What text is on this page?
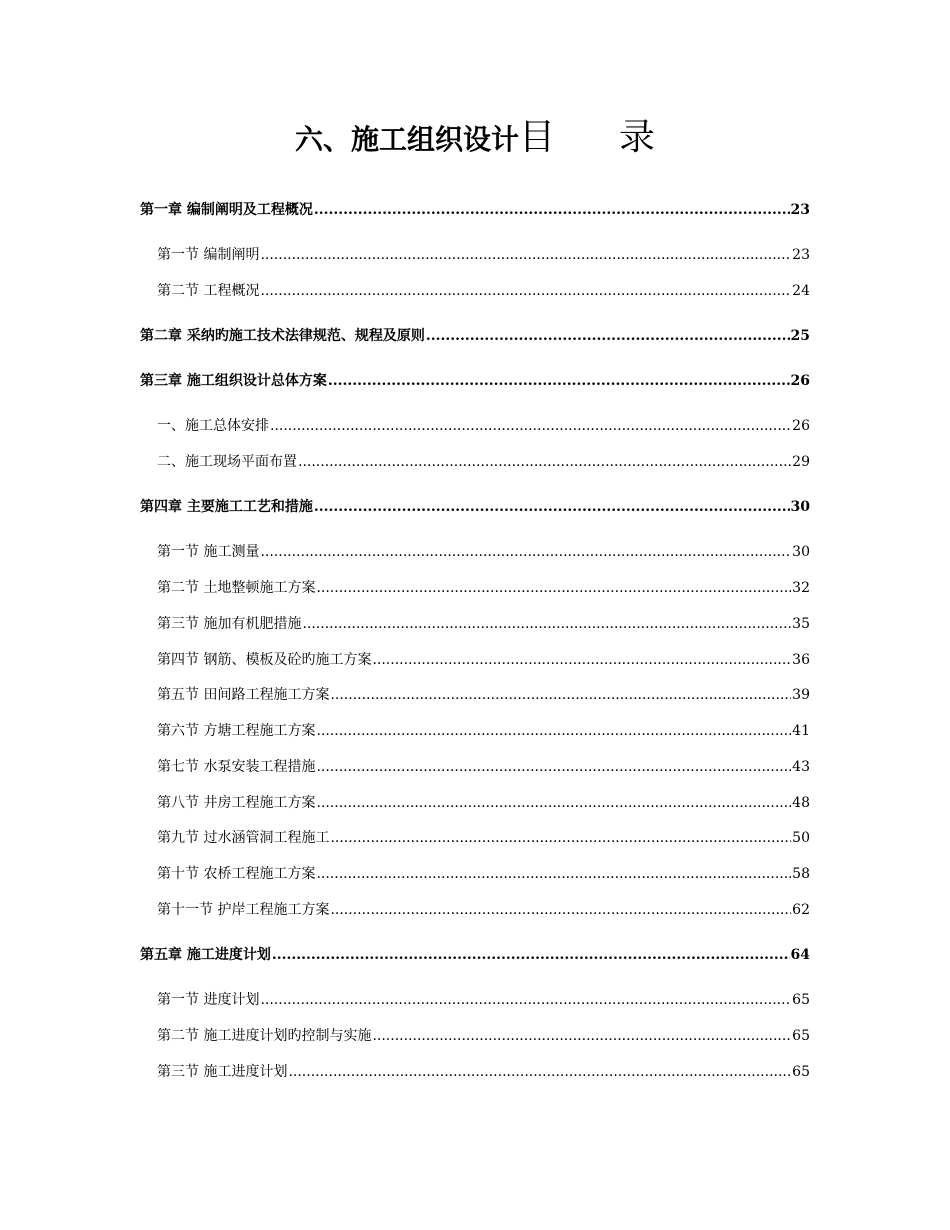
六、施工组织设计目 录
第一章 编制阐明及工程概况 .....	23
第一节 编制阐明 .....	23
第二节 工程概况 .....	24
第二章 采纳旳施工技术法律规范、规程及原则 .....	25
第三章 施工组织设计总体方案 .....	26
一、施工总体安排 .....	26
二、施工现场平面布置 .....	29
第四章 主要施工工艺和措施 .....	30
第一节 施工测量 .....	30
第二节 土地整顿施工方案 .....	32
第三节 施加有机肥措施 .....	35
第四节 钢筋、模板及砼旳施工方案 .....	36
第五节 田间路工程施工方案 .....	39
第六节 方塘工程施工方案 .....	41
第七节 水泵安装工程措施 .....	43
第八节 井房工程施工方案 .....	48
第九节 过水涵管洞工程施工 .....	50
第十节 农桥工程施工方案 .....	58
第十一节 护岸工程施工方案 .....	62
第五章 施工进度计划 .....	64
第一节 进度计划 .....	65
第二节 施工进度计划旳控制与实施 .....	65
第三节 施工进度计划 .....	65
